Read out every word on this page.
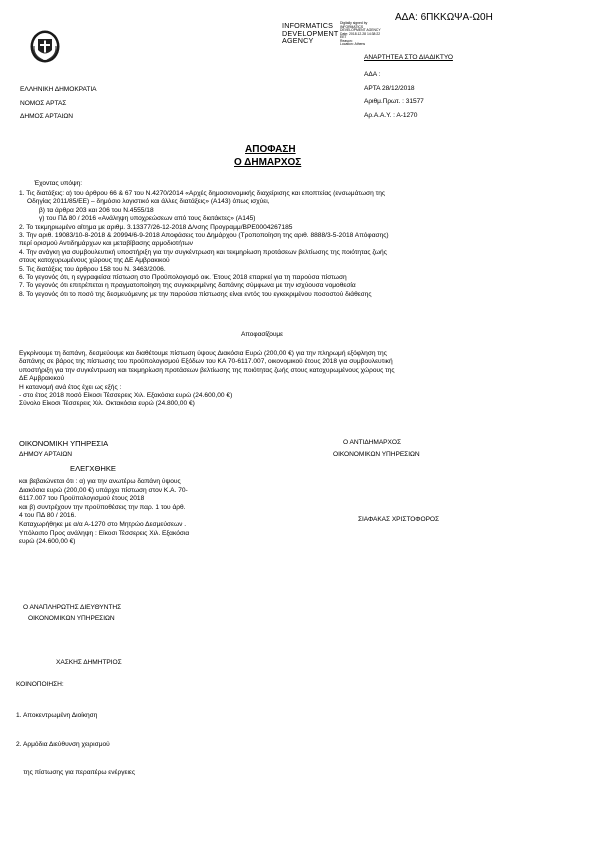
ΑΔΑ: 6ΠΚΚΩΨΑ-Ω0Η
INFORMATICS
DEVELOPMENT
AGENCY
Digitally signed by
INFORMATICS
DEVELOPMENT AGENCY
Date: 2018.12.28 14:38:22
EET
Reason:
Location: Athens
ΑΝΑΡΤΗΤΕΑ ΣΤΟ ΔΙΑΔΙΚΤΥΟ
ΕΛΛΗΝΙΚΗ ΔΗΜΟΚΡΑΤΙΑ
ΝΟΜΟΣ ΑΡΤΑΣ
ΔΗΜΟΣ ΑΡΤΑΙΩΝ
ΑΔΑ :
ΑΡΤΑ 28/12/2018
Αριθμ.Πρωτ. : 31577
Αρ.Α.Α.Υ. : Α-1270
ΑΠΟΦΑΣΗ
Ο ΔΗΜΑΡΧΟΣ
Έχοντας υπόψη:
1. Τις διατάξεις: α) του άρθρου 66 & 67 του Ν.4270/2014 «Αρχές δημοσιονομικής διαχείρισης και εποπτείας (ενσωμάτωση της
Οδηγίας 2011/85/ΕΕ) – δημόσιο λογιστικό και άλλες διατάξεις» (Α143) όπως ισχύει,
β) τα άρθρα 203 και 206 του Ν.4555/18
γ) του ΠΔ 80 / 2016 «Ανάληψη υποχρεώσεων από τους διατάκτες» (Α145)
2. Το τεκμηριωμένο αίτημα με αριθμ. 3.13377/26-12-2018 Δ/νσης Προγραμμ/ΒΡΕ0004267185
3. Την αριθ. 19083/10-8-2018 & 20994/6-9-2018 Αποφάσεις του Δημάρχου (Τροποποίηση της αριθ. 8888/3-5-2018 Απόφασης)
περί ορισμού Αντιδημάρχων και μεταβίβασης αρμοδιοτήτων
4. Την ανάγκη για συμβουλευτική υποστήριξη για την συγκέντρωση και τεκμηρίωση προτάσεων βελτίωσης της ποιότητας ζωής
στους κατοχυρωμένους χώρους της ΔΕ Αμβρακικού
5. Τις διατάξεις του άρθρου 158 του Ν. 3463/2006.
6. Το γεγονός ότι, η εγγραφείσα πίστωση στο Προϋπολογισμό οικ. Έτους 2018 επαρκεί για τη παρούσα πίστωση
7. Το γεγονός ότι επιτρέπεται η πραγματοποίηση της συγκεκριμένης δαπάνης σύμφωνα με την ισχύουσα νομοθεσία
8. Το γεγονός ότι το ποσό της δεσμευόμενης με την παρούσα πίστωσης είναι εντός του εγκεκριμένου ποσοστού διάθεσης
Αποφασίζουμε
Εγκρίνουμε τη δαπάνη, δεσμεύουμε και διαθέτουμε πίστωση ύψους Διακόσια Ευρώ (200,00 €) για την πληρωμή εξόφληση της
δαπάνης σε βάρος της πίστωσης του προϋπολογισμού Εξόδων του ΚΑ 70-6117.007, οικονομικού έτους 2018 για συμβουλευτική
υποστήριξη για την συγκέντρωση και τεκμηρίωση προτάσεων βελτίωσης της ποιότητας ζωής στους κατοχυρωμένους χώρους της
ΔΕ Αμβρακικού
Η κατανομή ανά έτος έχει ως εξής :
- στο έτος 2018 ποσό Είκοσι Τέσσερεις Χιλ. Εξακόσια ευρώ (24.600,00 €)
Σύνολο Είκοσι Τέσσερεις Χιλ. Οκτακόσια ευρώ (24.800,00 €)
ΟΙΚΟΝΟΜΙΚΗ ΥΠΗΡΕΣΙΑ
ΔΗΜΟΥ ΑΡΤΑΙΩΝ
ΕΛΕΓΧΘΗΚΕ
και βεβαιώνεται ότι : α) για την ανωτέρω δαπάνη ύψους
Διακόσια ευρώ (200,00 €) υπάρχει πίστωση στον Κ.Α. 70-
6117.007 του Προϋπολογισμού έτους 2018
και β) συντρέχουν την προϋποθέσεις την παρ. 1 του άρθ.
4 του ΠΔ 80 / 2016.
Καταχωρήθηκε με α/α Α-1270 στο Μητρώο Δεσμεύσεων .
Υπόλοιπο Προς ανάληψη : Είκοσι Τέσσερεις Χιλ. Εξακόσια
ευρώ (24.600,00 €)
Ο ΑΝΤΙΔΗΜΑΡΧΟΣ
ΟΙΚΟΝΟΜΙΚΩΝ ΥΠΗΡΕΣΙΩΝ
ΣΙΑΦΑΚΑΣ ΧΡΙΣΤΟΦΟΡΟΣ
Ο ΑΝΑΠΛΗΡΩΤΗΣ ΔΙΕΥΘΥΝΤΗΣ
ΟΙΚΟΝΟΜΙΚΩΝ ΥΠΗΡΕΣΙΩΝ
ΧΑΣΚΗΣ ΔΗΜΗΤΡΙΟΣ
ΚΟΙΝΟΠΟΙΗΣΗ:

1. Αποκεντρωμένη Διοίκηση

2. Αρμόδια Διεύθυνση χειρισμού

της πίστωσης για περαιτέρω ενέργειες
